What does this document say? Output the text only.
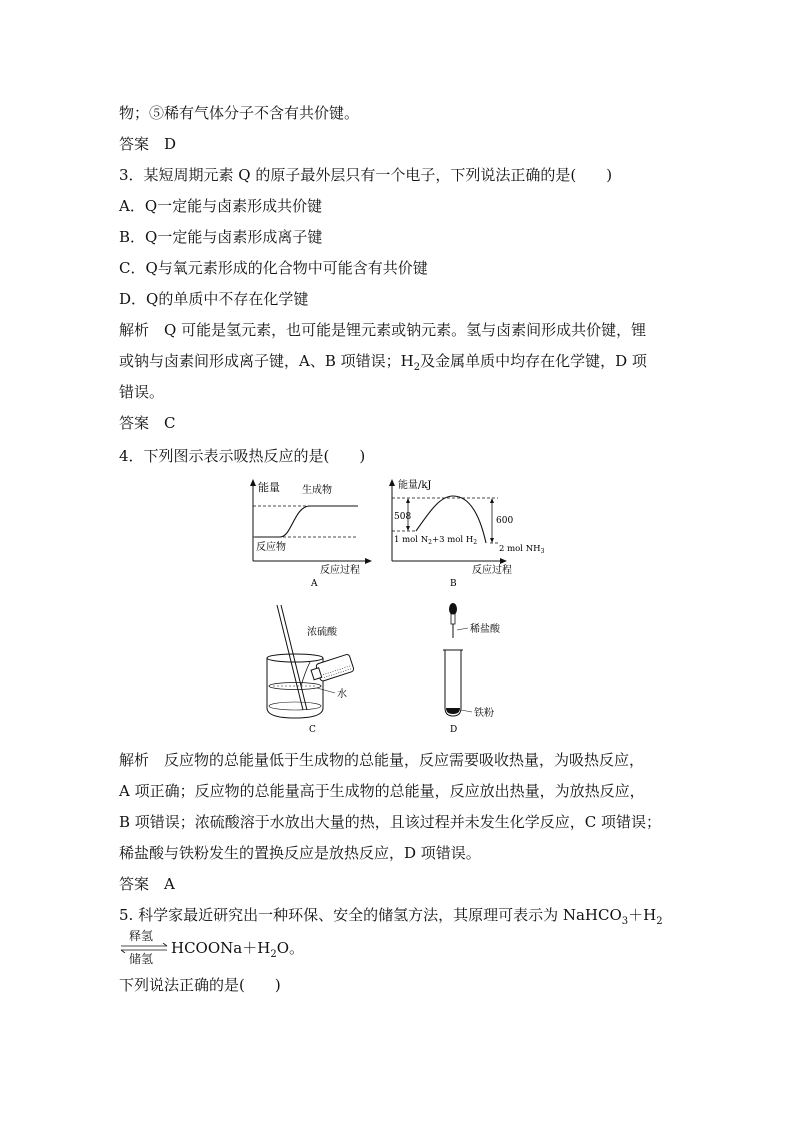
物；⑤稀有气体分子不含有共价键。
答案　D
3．某短周期元素 Q 的原子最外层只有一个电子，下列说法正确的是(　　)
A．Q一定能与卤素形成共价键
B．Q一定能与卤素形成离子键
C．Q与氧元素形成的化合物中可能含有共价键
D．Q的单质中不存在化学键
解析　Q 可能是氢元素，也可能是锂元素或钠元素。氢与卤素间形成共价键，锂
或钠与卤素间形成离子键，A、B 项错误；$H_2$及金属单质中均存在化学键，D 项
错误。
答案　C
4．下列图示表示吸热反应的是(　　)
能量 生成物
反应物
反应过程
A
能量/kJ
508	600
1 mol $N_2+3$ mol $H_2$
2 mol $NH_3$
反应过程
B
浓硫酸
水
C
稀盐酸
铁粉
D
解析　反应物的总能量低于生成物的总能量，反应需要吸收热量，为吸热反应，
A 项正确；反应物的总能量高于生成物的总能量，反应放出热量，为放热反应，
B 项错误；浓硫酸溶于水放出大量的热，且该过程并未发生化学反应，C 项错误；
稀盐酸与铁粉发生的置换反应是放热反应，D 项错误。
答案　A
5. 科学家最近研究出一种环保、安全的储氢方法，其原理可表示为 $NaHCO_3+H_2$
释氢
储氢
$HCOONa+H_2O$。
下列说法正确的是(　　)
